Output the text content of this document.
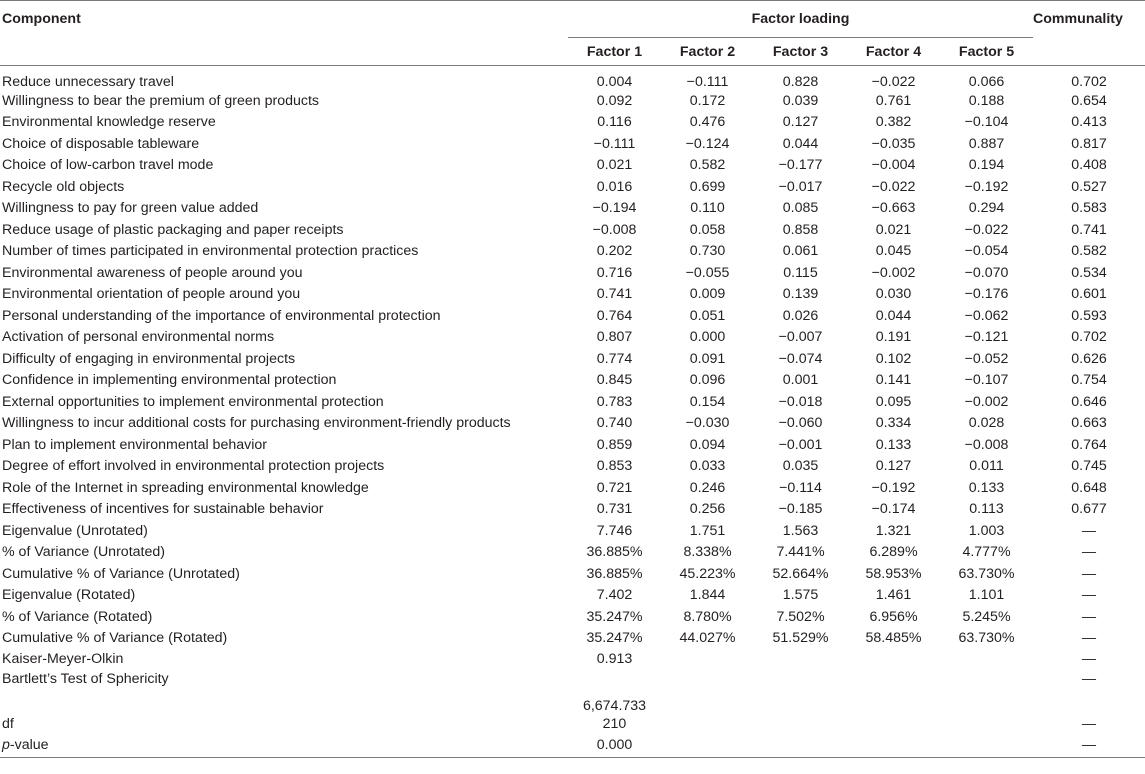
Component	Factor loading					Communality
	Factor 1	Factor 2	Factor 3	Factor 4	Factor 5	
Reduce unnecessary travel	0.004	−0.111	0.828	−0.022	0.066	0.702
Willingness to bear the premium of green products	0.092	0.172	0.039	0.761	0.188	0.654
Environmental knowledge reserve	0.116	0.476	0.127	0.382	−0.104	0.413
Choice of disposable tableware	−0.111	−0.124	0.044	−0.035	0.887	0.817
Choice of low-carbon travel mode	0.021	0.582	−0.177	−0.004	0.194	0.408
Recycle old objects	0.016	0.699	−0.017	−0.022	−0.192	0.527
Willingness to pay for green value added	−0.194	0.110	0.085	−0.663	0.294	0.583
Reduce usage of plastic packaging and paper receipts	−0.008	0.058	0.858	0.021	−0.022	0.741
Number of times participated in environmental protection practices	0.202	0.730	0.061	0.045	−0.054	0.582
Environmental awareness of people around you	0.716	−0.055	0.115	−0.002	−0.070	0.534
Environmental orientation of people around you	0.741	0.009	0.139	0.030	−0.176	0.601
Personal understanding of the importance of environmental protection	0.764	0.051	0.026	0.044	−0.062	0.593
Activation of personal environmental norms	0.807	0.000	−0.007	0.191	−0.121	0.702
Difficulty of engaging in environmental projects	0.774	0.091	−0.074	0.102	−0.052	0.626
Confidence in implementing environmental protection	0.845	0.096	0.001	0.141	−0.107	0.754
External opportunities to implement environmental protection	0.783	0.154	−0.018	0.095	−0.002	0.646
Willingness to incur additional costs for purchasing environment-friendly products	0.740	−0.030	−0.060	0.334	0.028	0.663
Plan to implement environmental behavior	0.859	0.094	−0.001	0.133	−0.008	0.764
Degree of effort involved in environmental protection projects	0.853	0.033	0.035	0.127	0.011	0.745
Role of the Internet in spreading environmental knowledge	0.721	0.246	−0.114	−0.192	0.133	0.648
Effectiveness of incentives for sustainable behavior	0.731	0.256	−0.185	−0.174	0.113	0.677
Eigenvalue (Unrotated)	7.746	1.751	1.563	1.321	1.003	—
% of Variance (Unrotated)	36.885%	8.338%	7.441%	6.289%	4.777%	—
Cumulative % of Variance (Unrotated)	36.885%	45.223%	52.664%	58.953%	63.730%	—
Eigenvalue (Rotated)	7.402	1.844	1.575	1.461	1.101	—
% of Variance (Rotated)	35.247%	8.780%	7.502%	6.956%	5.245%	—
Cumulative % of Variance (Rotated)	35.247%	44.027%	51.529%	58.485%	63.730%	—
Kaiser-Meyer-Olkin	0.913					—
Bartlett’s Test of Sphericity						—
	6,674.733					
df	210					—
p-value	0.000					—
